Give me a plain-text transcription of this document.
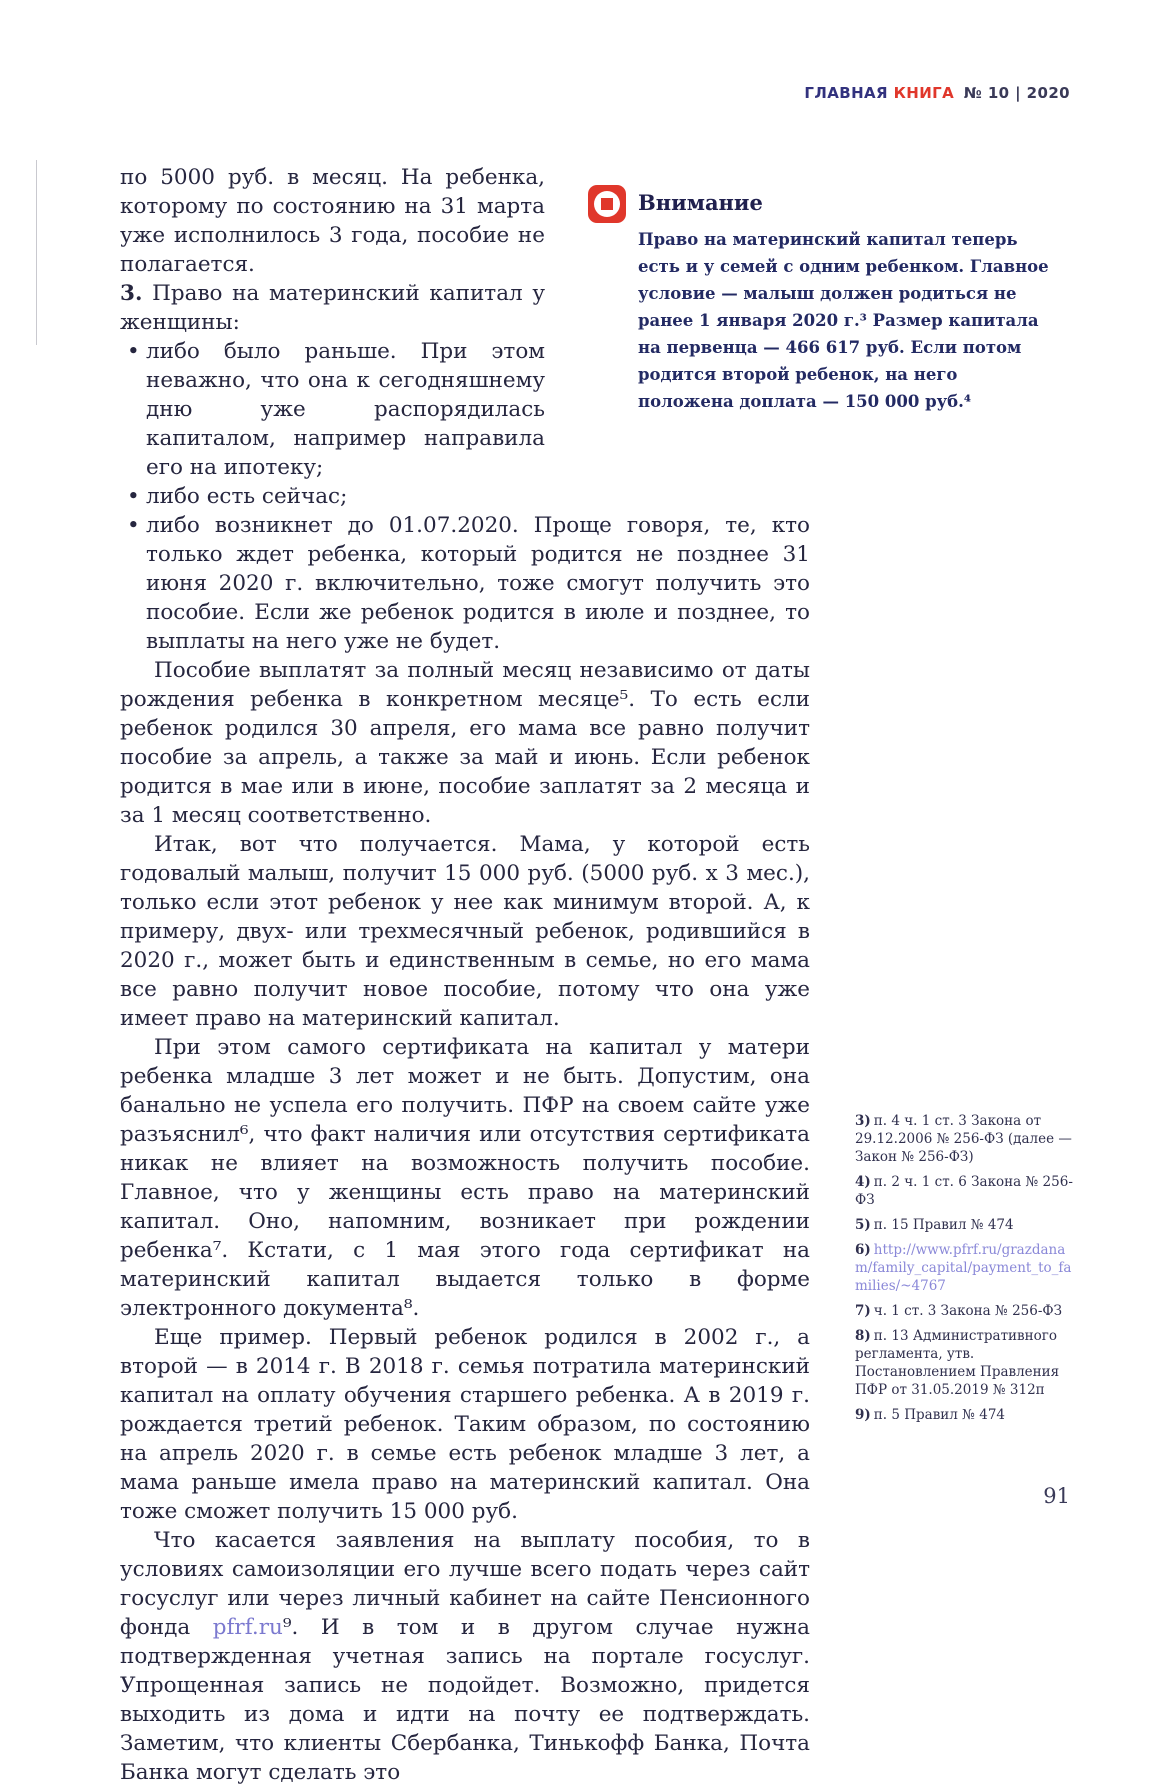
ГЛАВНАЯ КНИГА № 10 | 2020
Внимание
Право на материнский капитал теперь есть и у семей с одним ребенком. Главное условие — малыш должен родиться не ранее 1 января 2020 г.³ Размер капитала на первенца — 466 617 руб. Если потом родится второй ребенок, на него положена доплата — 150 000 руб.⁴

по 5000 руб. в месяц. На ребенка, которому по состоянию на 31 марта уже исполнилось 3 года, пособие не полагается.

3. Право на материнский капитал у женщины:

• либо было раньше. При этом неважно, что она к сегодняшнему дню уже распорядилась капиталом, например направила его на ипотеку;
• либо есть сейчас;
• либо возникнет до 01.07.2020. Проще говоря, те, кто только ждет ребенка, который родится не позднее 31 июня 2020 г. включительно, тоже смогут получить это пособие. Если же ребенок родится в июле и позднее, то выплаты на него уже не будет.

Пособие выплатят за полный месяц независимо от даты рождения ребенка в конкретном месяце⁵. То есть если ребенок родился 30 апреля, его мама все равно получит пособие за апрель, а также за май и июнь. Если ребенок родится в мае или в июне, пособие заплатят за 2 месяца и за 1 месяц соответственно.

Итак, вот что получается. Мама, у которой есть годовалый малыш, получит 15 000 руб. (5000 руб. х 3 мес.), только если этот ребенок у нее как минимум второй. А, к примеру, двух- или трехмесячный ребенок, родившийся в 2020 г., может быть и единственным в семье, но его мама все равно получит новое пособие, потому что она уже имеет право на материнский капитал.

При этом самого сертификата на капитал у матери ребенка младше 3 лет может и не быть. Допустим, она банально не успела его получить. ПФР на своем сайте уже разъяснил⁶, что факт наличия или отсутствия сертификата никак не влияет на возможность получить пособие. Главное, что у женщины есть право на материнский капитал. Оно, напомним, возникает при рождении ребенка⁷. Кстати, с 1 мая этого года сертификат на материнский капитал выдается только в форме электронного документа⁸.

Еще пример. Первый ребенок родился в 2002 г., а второй — в 2014 г. В 2018 г. семья потратила материнский капитал на оплату обучения старшего ребенка. А в 2019 г. рождается третий ребенок. Таким образом, по состоянию на апрель 2020 г. в семье есть ребенок младше 3 лет, а мама раньше имела право на материнский капитал. Она тоже сможет получить 15 000 руб.

Что касается заявления на выплату пособия, то в условиях самоизоляции его лучше всего подать через сайт госуслуг или через личный кабинет на сайте Пенсионного фонда pfrf.ru⁹. И в том и в другом случае нужна подтвержденная учетная запись на портале госуслуг. Упрощенная запись не подойдет. Возможно, придется выходить из дома и идти на почту ее подтверждать. Заметим, что клиенты Сбербанка, Тинькофф Банка, Почта Банка могут сделать это

3) п. 4 ч. 1 ст. 3 Закона от 29.12.2006 № 256-ФЗ (далее — Закон № 256-ФЗ)
4) п. 2 ч. 1 ст. 6 Закона № 256-ФЗ
5) п. 15 Правил № 474
6) http://www.pfrf.ru/grazdanam/family_capital/payment_to_families/~4767
7) ч. 1 ст. 3 Закона № 256-ФЗ
8) п. 13 Административного регламента, утв. Постановлением Правления ПФР от 31.05.2019 № 312п
9) п. 5 Правил № 474
91
